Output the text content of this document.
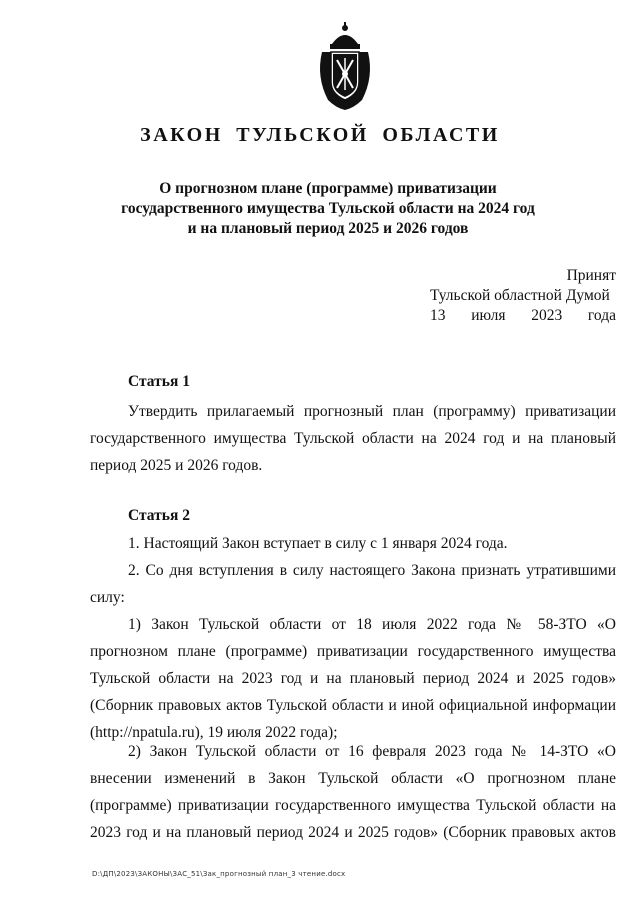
ЗАКОН ТУЛЬСКОЙ ОБЛАСТИ
О прогнозном плане (программе) приватизации
государственного имущества Тульской области на 2024 год
и на плановый период 2025 и 2026 годов
Принят
Тульской областной Думой
13 июля 2023 года
Статья 1
Утвердить прилагаемый прогнозный план (программу) приватизации государственного имущества Тульской области на 2024 год и на плановый период 2025 и 2026 годов.
Статья 2
1. Настоящий Закон вступает в силу с 1 января 2024 года.
2. Со дня вступления в силу настоящего Закона признать утратившими силу:
1) Закон Тульской области от 18 июля 2022 года № 58-ЗТО «О прогнозном плане (программе) приватизации государственного имущества Тульской области на 2023 год и на плановый период 2024 и 2025 годов» (Сборник правовых актов Тульской области и иной официальной информации (http://npatula.ru), 19 июля 2022 года);
2) Закон Тульской области от 16 февраля 2023 года № 14-ЗТО «О внесении изменений в Закон Тульской области «О прогнозном плане (программе) приватизации государственного имущества Тульской области на 2023 год и на плановый период 2024 и 2025 годов» (Сборник правовых актов
D:\ДП\2023\ЗАКОНЫ\ЗАС_51\Зак_прогнозный план_3 чтение.docx
